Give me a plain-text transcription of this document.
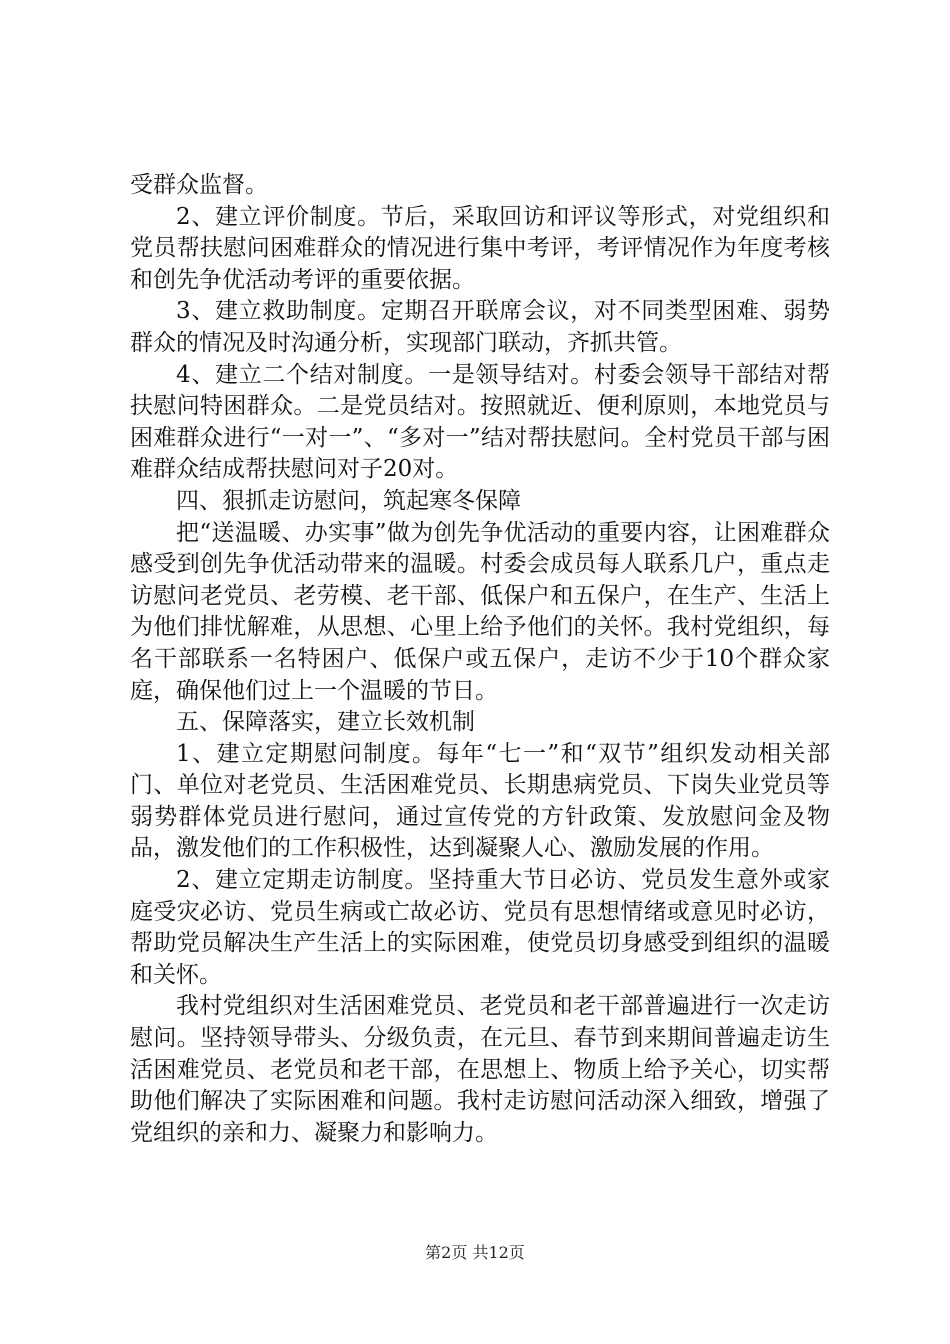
受群众监督。

2、建立评价制度。节后，采取回访和评议等形式，对党组织和党员帮扶慰问困难群众的情况进行集中考评，考评情况作为年度考核和创先争优活动考评的重要依据。

3、建立救助制度。定期召开联席会议，对不同类型困难、弱势群众的情况及时沟通分析，实现部门联动，齐抓共管。

4、建立二个结对制度。一是领导结对。村委会领导干部结对帮扶慰问特困群众。二是党员结对。按照就近、便利原则，本地党员与困难群众进行“一对一”、“多对一”结对帮扶慰问。全村党员干部与困难群众结成帮扶慰问对子20对。

四、狠抓走访慰问，筑起寒冬保障

把“送温暖、办实事”做为创先争优活动的重要内容，让困难群众感受到创先争优活动带来的温暖。村委会成员每人联系几户，重点走访慰问老党员、老劳模、老干部、低保户和五保户，在生产、生活上为他们排忧解难，从思想、心里上给予他们的关怀。我村党组织，每名干部联系一名特困户、低保户或五保户，走访不少于10个群众家庭，确保他们过上一个温暖的节日。

五、保障落实，建立长效机制

1、建立定期慰问制度。每年“七一”和“双节”组织发动相关部门、单位对老党员、生活困难党员、长期患病党员、下岗失业党员等弱势群体党员进行慰问，通过宣传党的方针政策、发放慰问金及物品，激发他们的工作积极性，达到凝聚人心、激励发展的作用。

2、建立定期走访制度。坚持重大节日必访、党员发生意外或家庭受灾必访、党员生病或亡故必访、党员有思想情绪或意见时必访，帮助党员解决生产生活上的实际困难，使党员切身感受到组织的温暖和关怀。

我村党组织对生活困难党员、老党员和老干部普遍进行一次走访慰问。坚持领导带头、分级负责，在元旦、春节到来期间普遍走访生活困难党员、老党员和老干部，在思想上、物质上给予关心，切实帮助他们解决了实际困难和问题。我村走访慰问活动深入细致，增强了党组织的亲和力、凝聚力和影响力。

第2页 共12页
